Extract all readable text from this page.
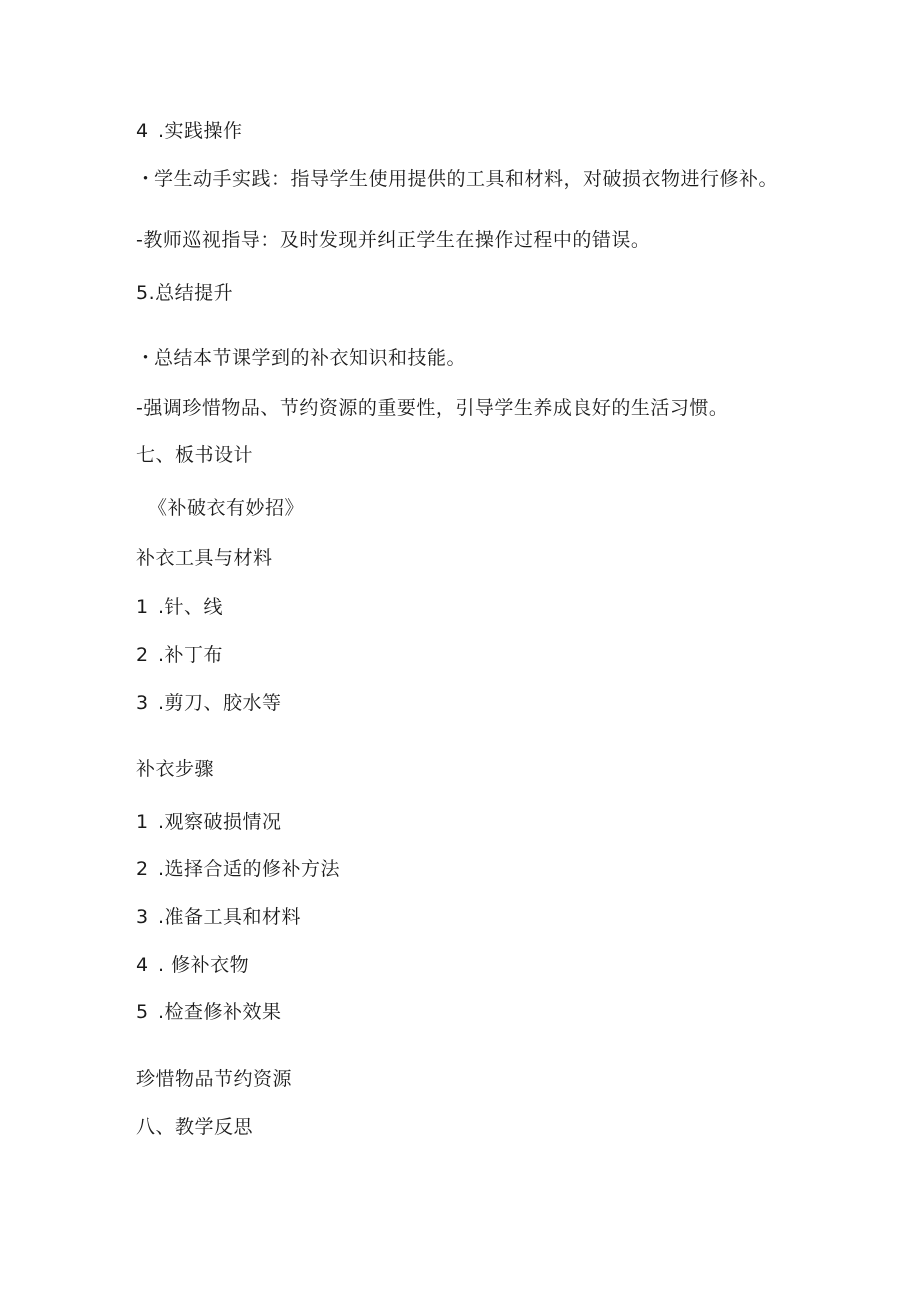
4 .实践操作
・学生动手实践：指导学生使用提供的工具和材料，对破损衣物进行修补。
-教师巡视指导：及时发现并纠正学生在操作过程中的错误。
5.总结提升
・总结本节课学到的补衣知识和技能。
-强调珍惜物品、节约资源的重要性，引导学生养成良好的生活习惯。
七、板书设计
《补破衣有妙招》
补衣工具与材料
1 .针、线
2 .补丁布
3 .剪刀、胶水等
补衣步骤
1 .观察破损情况
2 .选择合适的修补方法
3 .准备工具和材料
4 . 修补衣物
5 .检查修补效果
珍惜物品节约资源
八、教学反思
